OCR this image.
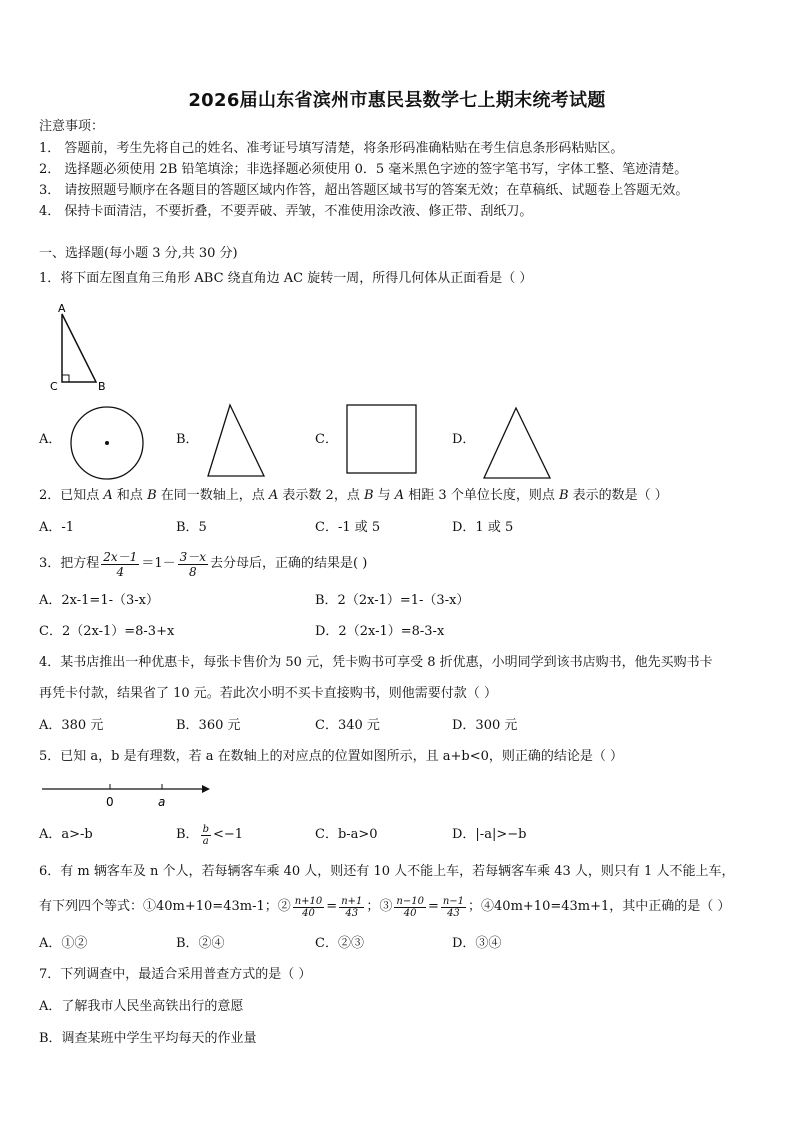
2026届山东省滨州市惠民县数学七上期末统考试题
注意事项：
1． 答题前，考生先将自己的姓名、准考证号填写清楚，将条形码准确粘贴在考生信息条形码粘贴区。
2． 选择题必须使用 2B 铅笔填涂；非选择题必须使用 0．5 毫米黑色字迹的签字笔书写，字体工整、笔迹清楚。
3． 请按照题号顺序在各题目的答题区域内作答，超出答题区域书写的答案无效；在草稿纸、试题卷上答题无效。
4． 保持卡面清洁，不要折叠，不要弄破、弄皱，不准使用涂改液、修正带、刮纸刀。
一、选择题(每小题 3 分,共 30 分)
1．将下面左图直角三角形 ABC 绕直角边 AC 旋转一周，所得几何体从正面看是（ ）
A
C	B
A．	B．	C．	D．
2．已知点 A 和点 B 在同一数轴上，点 A 表示数 2，点 B 与 A 相距 3 个单位长度，则点 B 表示的数是（ ）
A．-1	B．5	C．-1 或 5	D．1 或 5
3．把方程 $\frac{2x-1}{4} =1- \frac{3-x}{8}$ 去分母后，正确的结果是( )
A．2x-1=1-（3-x）	B．2（2x-1）=1-（3-x）
C．2（2x-1）=8-3+x	D．2（2x-1）=8-3-x
4．某书店推出一种优惠卡，每张卡售价为 50 元，凭卡购书可享受 8 折优惠，小明同学到该书店购书，他先买购书卡
再凭卡付款，结果省了 10 元。若此次小明不买卡直接购书，则他需要付款（ ）
A．380 元	B．360 元	C．340 元	D．300 元
5．已知 a，b 是有理数，若 a 在数轴上的对应点的位置如图所示，且 a+b<0，则正确的结论是（ ）
0	a
A．a>-b	B． $\frac{b}{a} <-1$	C．b-a>0	D．|-a|>−b
6．有 m 辆客车及 n 个人，若每辆客车乘 40 人，则还有 10 人不能上车，若每辆客车乘 43 人，则只有 1 人不能上车，
有下列四个等式：①40m+10=43m-1；② $\frac{n+10}{40} = \frac{n+1}{43}$ ；③ $\frac{n-10}{40} = \frac{n-1}{43}$ ；④40m+10=43m+1，其中正确的是（ ）
A．①②	B．②④	C．②③	D．③④
7．下列调查中，最适合采用普查方式的是（ ）
A．了解我市人民坐高铁出行的意愿
B．调查某班中学生平均每天的作业量
